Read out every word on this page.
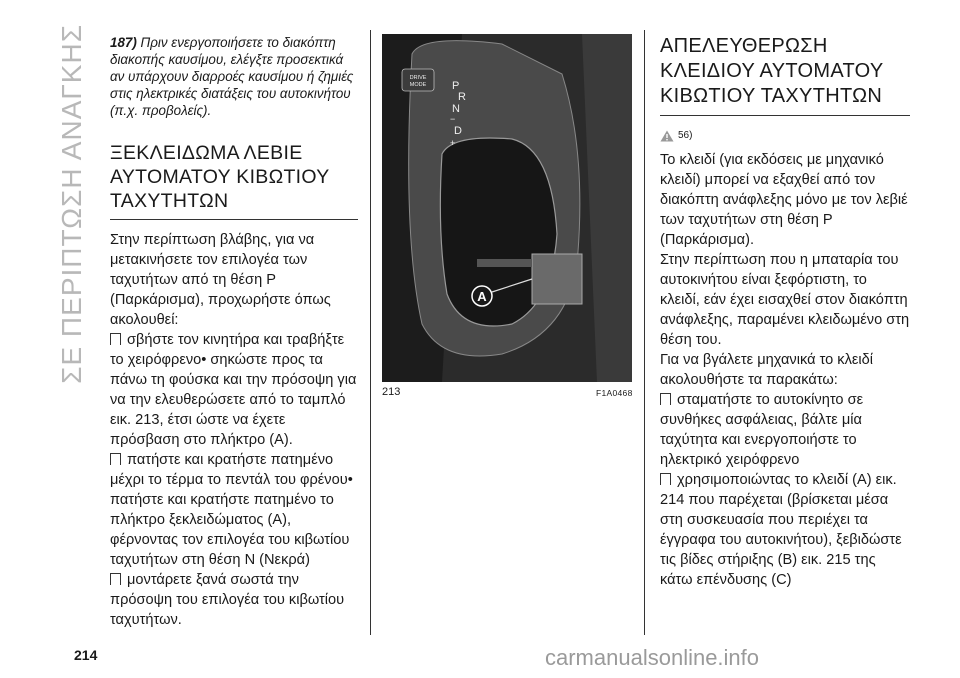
ΣΕ ΠΕΡΙΠΤΩΣΗ ΑΝΑΓΚΗΣ 187) Πριν ενεργοποιήσετε το διακόπτη διακοπής καυσίμου, ελέγξτε προσεκτικά αν υπάρχουν διαρροές καυσίμου ή ζημιές στις ηλεκτρικές διατάξεις του αυτοκινήτου (π.χ. προβολείς).

ΞΕΚΛΕΙΔΩΜΑ ΛΕΒΙΕ ΑΥΤΟΜΑΤΟΥ ΚΙΒΩΤΙΟΥ ΤΑΧΥΤΗΤΩΝ

Στην περίπτωση βλάβης, για να μετακινήσετε τον επιλογέα των ταχυτήτων από τη θέση P (Παρκάρισμα), προχωρήστε όπως ακολουθεί:

σβήστε τον κινητήρα και τραβήξτε το χειρόφρενο• σηκώστε προς τα πάνω τη φούσκα και την πρόσοψη για να την ελευθερώσετε από το ταμπλό εικ. 213, έτσι ώστε να έχετε πρόσβαση στο πλήκτρο (A).

πατήστε και κρατήστε πατημένο μέχρι το τέρμα το πεντάλ του φρένου• πατήστε και κρατήστε πατημένο το πλήκτρο ξεκλειδώματος (A), φέρνοντας τον επιλογέα του κιβωτίου ταχυτήτων στη θέση N (Νεκρά)

μοντάρετε ξανά σωστά την πρόσοψη του επιλογέα του κιβωτίου ταχυτήτων.

DRIVE
MODE P
R
N
D
−
+
A
213	F1A0468
ΑΠΕΛΕΥΘΕΡΩΣΗ ΚΛΕΙΔΙΟΥ ΑΥΤΟΜΑΤΟΥ ΚΙΒΩΤΙΟΥ ΤΑΧΥΤΗΤΩΝ
56)

Το κλειδί (για εκδόσεις με μηχανικό κλειδί) μπορεί να εξαχθεί από τον διακόπτη ανάφλεξης μόνο με τον λεβιέ των ταχυτήτων στη θέση P (Παρκάρισμα).

Στην περίπτωση που η μπαταρία του αυτοκινήτου είναι ξεφόρτιστη, το κλειδί, εάν έχει εισαχθεί στον διακόπτη ανάφλεξης, παραμένει κλειδωμένο στη θέση του.

Για να βγάλετε μηχανικά το κλειδί ακολουθήστε τα παρακάτω:

σταματήστε το αυτοκίνητο σε συνθήκες ασφάλειας, βάλτε μία ταχύτητα και ενεργοποιήστε το ηλεκτρικό χειρόφρενο

χρησιμοποιώντας το κλειδί (A) εικ. 214 που παρέχεται (βρίσκεται μέσα στη συσκευασία που περιέχει τα έγγραφα του αυτοκινήτου), ξεβιδώστε τις βίδες στήριξης (B) εικ. 215 της κάτω επένδυσης (C)

214	carmanualsonline.info
